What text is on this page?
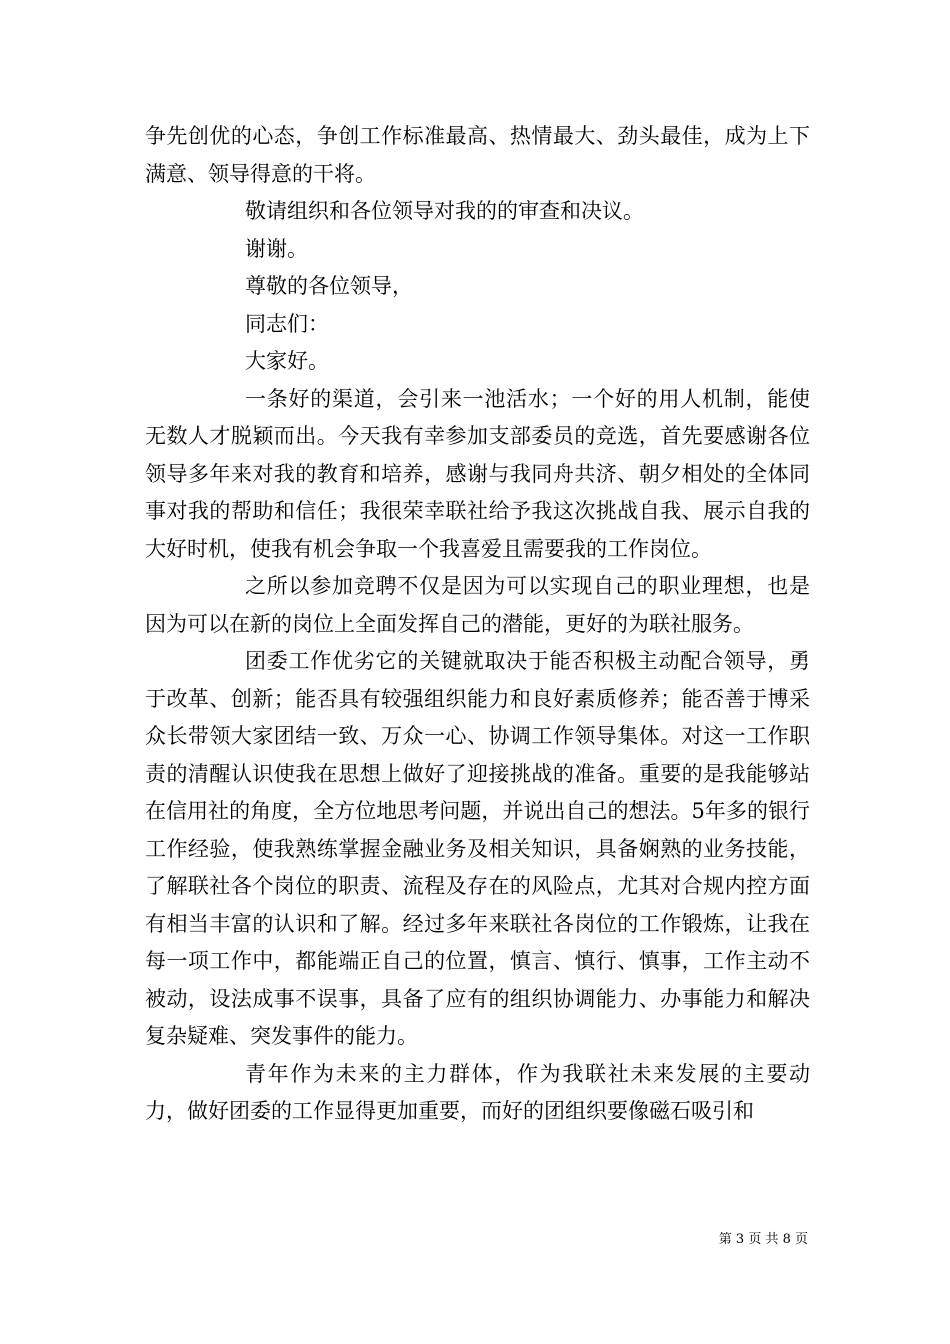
争先创优的心态，争创工作标准最高、热情最大、劲头最佳，成为上下满意、领导得意的干将。

敬请组织和各位领导对我的的审查和决议。

谢谢。

尊敬的各位领导，

同志们：

大家好。

一条好的渠道，会引来一池活水；一个好的用人机制，能使无数人才脱颖而出。今天我有幸参加支部委员的竞选，首先要感谢各位领导多年来对我的教育和培养，感谢与我同舟共济、朝夕相处的全体同事对我的帮助和信任；我很荣幸联社给予我这次挑战自我、展示自我的大好时机，使我有机会争取一个我喜爱且需要我的工作岗位。

之所以参加竞聘不仅是因为可以实现自己的职业理想，也是因为可以在新的岗位上全面发挥自己的潜能，更好的为联社服务。

团委工作优劣它的关键就取决于能否积极主动配合领导，勇于改革、创新；能否具有较强组织能力和良好素质修养；能否善于博采众长带领大家团结一致、万众一心、协调工作领导集体。对这一工作职责的清醒认识使我在思想上做好了迎接挑战的准备。重要的是我能够站在信用社的角度，全方位地思考问题，并说出自己的想法。5年多的银行工作经验，使我熟练掌握金融业务及相关知识，具备娴熟的业务技能，了解联社各个岗位的职责、流程及存在的风险点，尤其对合规内控方面有相当丰富的认识和了解。经过多年来联社各岗位的工作锻炼，让我在每一项工作中，都能端正自己的位置，慎言、慎行、慎事，工作主动不被动，设法成事不误事，具备了应有的组织协调能力、办事能力和解决复杂疑难、突发事件的能力。

青年作为未来的主力群体，作为我联社未来发展的主要动力，做好团委的工作显得更加重要，而好的团组织要像磁石吸引和

第 3 页 共 8 页
